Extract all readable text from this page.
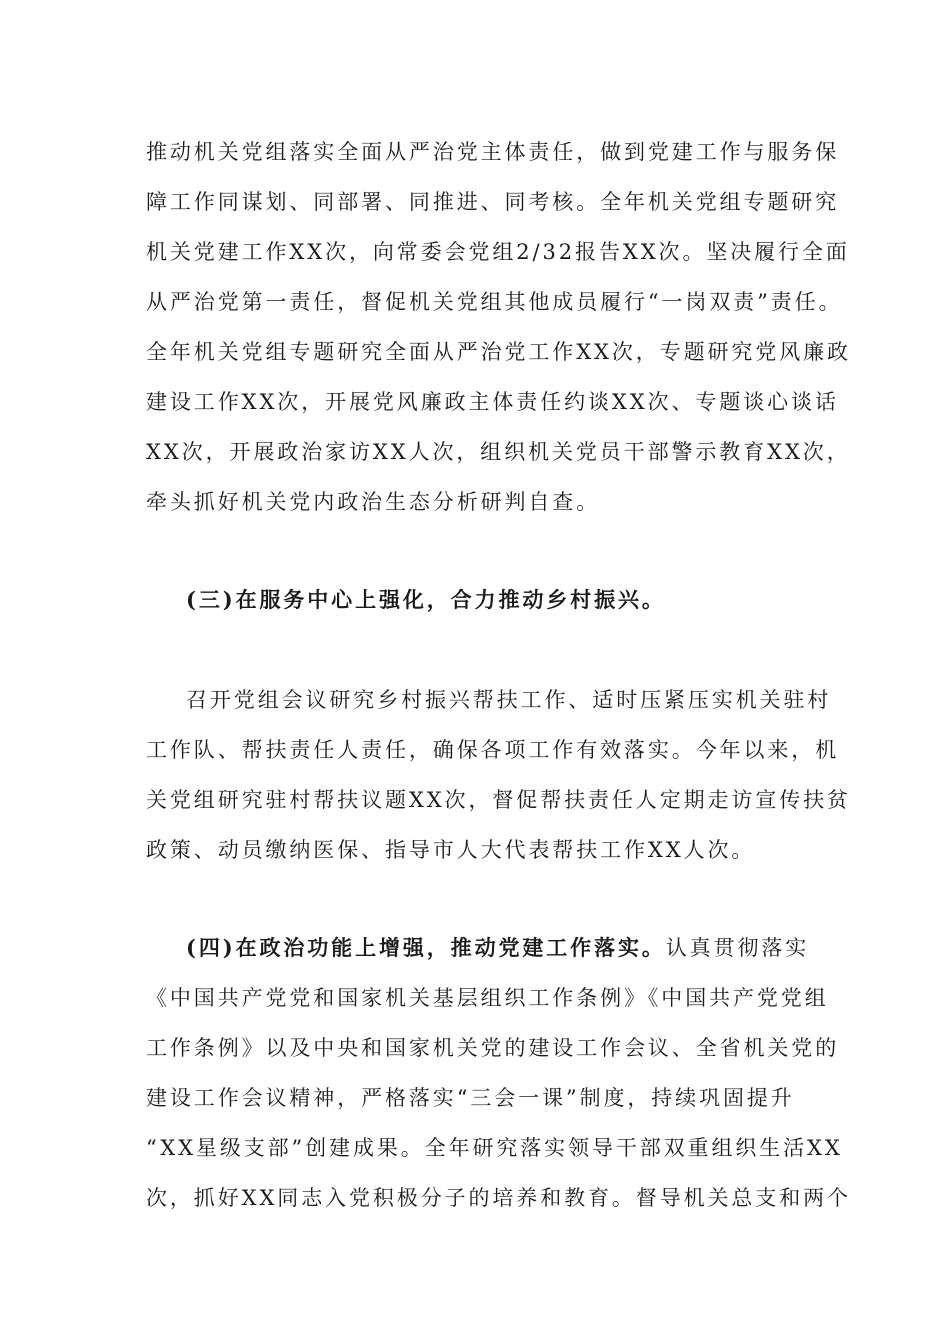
推动机关党组落实全面从严治党主体责任，做到党建工作与服务保
障工作同谋划、同部署、同推进、同考核。全年机关党组专题研究
机关党建工作XX次，向常委会党组2/32报告XX次。坚决履行全面
从严治党第一责任，督促机关党组其他成员履行“一岗双责”责任。
全年机关党组专题研究全面从严治党工作XX次，专题研究党风廉政
建设工作XX次，开展党风廉政主体责任约谈XX次、专题谈心谈话
XX次，开展政治家访XX人次，组织机关党员干部警示教育XX次，
牵头抓好机关党内政治生态分析研判自查。
(三)在服务中心上强化，合力推动乡村振兴。
召开党组会议研究乡村振兴帮扶工作、适时压紧压实机关驻村
工作队、帮扶责任人责任，确保各项工作有效落实。今年以来，机
关党组研究驻村帮扶议题XX次，督促帮扶责任人定期走访宣传扶贫
政策、动员缴纳医保、指导市人大代表帮扶工作XX人次。
(四)在政治功能上增强，推动党建工作落实。认真贯彻落实
《中国共产党党和国家机关基层组织工作条例》《中国共产党党组
工作条例》以及中央和国家机关党的建设工作会议、全省机关党的
建设工作会议精神，严格落实“三会一课”制度，持续巩固提升
“XX星级支部”创建成果。全年研究落实领导干部双重组织生活XX
次，抓好XX同志入党积极分子的培养和教育。督导机关总支和两个
